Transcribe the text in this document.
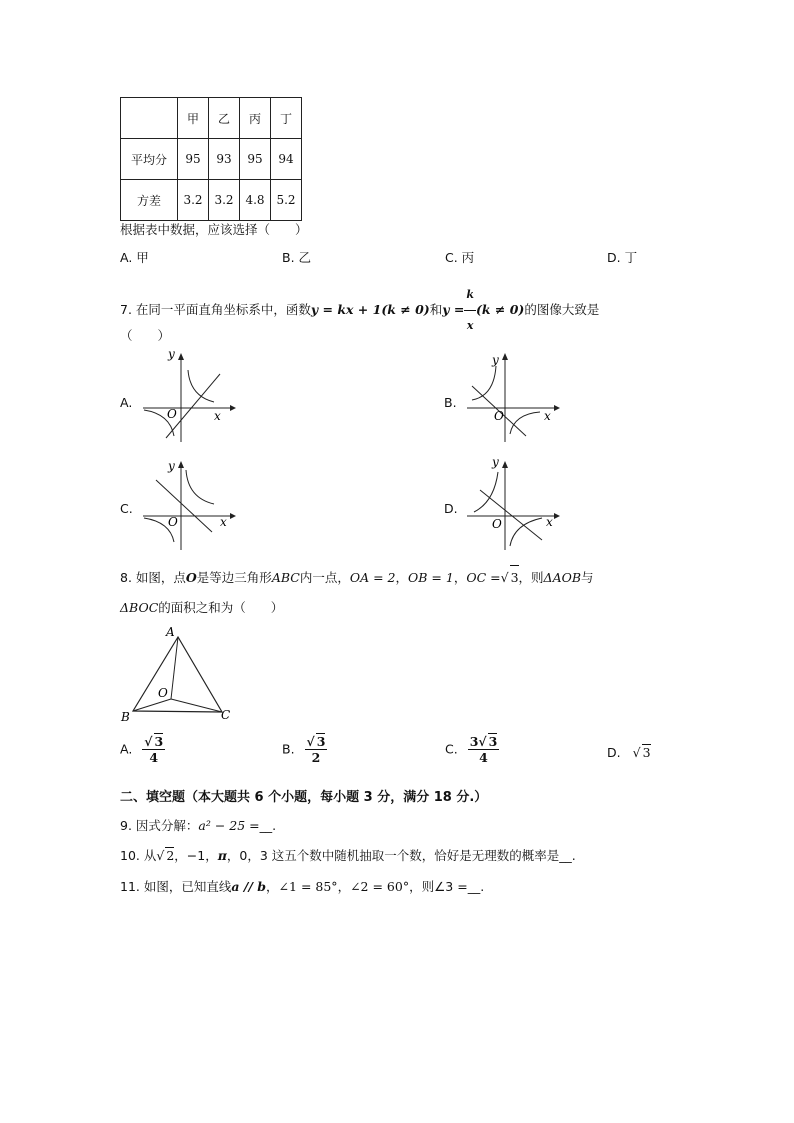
	甲	乙	丙	丁
平均分	95	93	95	94
方差	3.2	3.2	4.8	5.2
根据表中数据，应该选择（　　）
A. 甲	B. 乙	C. 丙	D. 丁
7. 在同一平面直角坐标系中，函数y = kx + 1(k ≠ 0)和$y = \frac{k}{x} (k \ne 0)$的图像大致是
（　　）
A.	B.
C.	D.
y
x
O
y
x
O
y
x
O
y
x
O
8. 如图，点O是等边三角形ABC内一点，OA = 2，OB = 1，OC =√ 3，则ΔAOB与
ΔBOC的面积之和为（　　）
A
B	C
O
A. $\frac{√ 3}{4}$	B. $\frac{√ 3}{2}$	C. $\frac{3√ 3}{4}$	D. √ 3
二、填空题（本大题共 6 个小题，每小题 3 分，满分 18 分.）
9. 因式分解：a² − 25 =__.
10. 从√ 2，−1，π，0，3 这五个数中随机抽取一个数，恰好是无理数的概率是__.
11. 如图，已知直线a // b，∠1 = 85°，∠2 = 60°，则∠3 =__.
